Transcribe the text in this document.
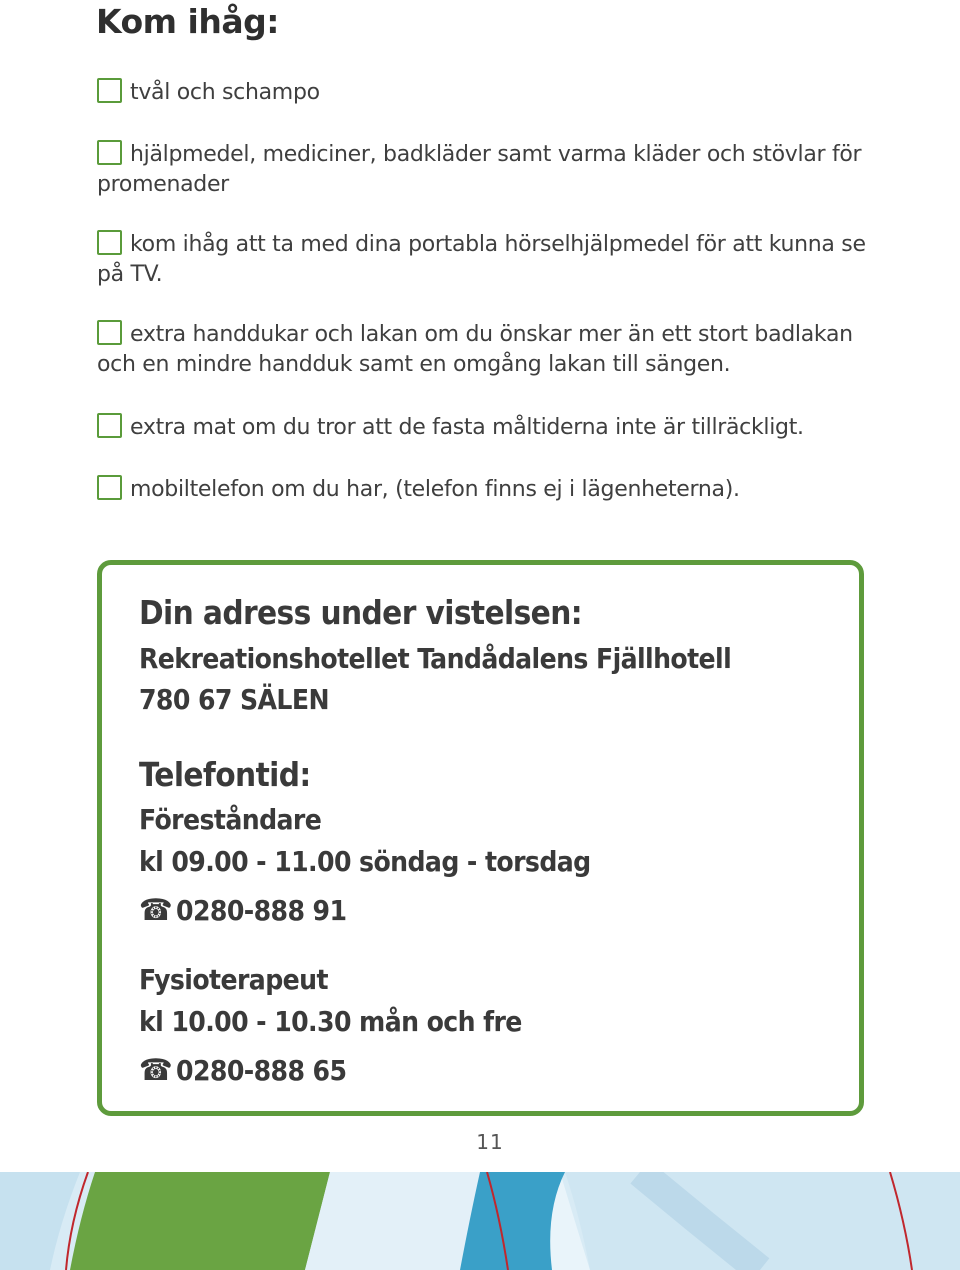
Kom ihåg:
tvål och schampo
hjälpmedel, mediciner, badkläder samt varma kläder och stövlar för promenader
kom ihåg att ta med dina portabla hörselhjälpmedel för att kunna se på TV.
extra handdukar och lakan om du önskar mer än ett stort badlakan och en mindre handduk samt en omgång lakan till sängen.
extra mat om du tror att de fasta måltiderna inte är tillräckligt.
mobiltelefon om du har, (telefon finns ej i lägenheterna).
Din adress under vistelsen:
Rekreationshotellet Tandådalens Fjällhotell
780 67 SÄLEN
Telefontid:
Föreståndare
kl 09.00 - 11.00 söndag - torsdag
☎ 0280-888 91
Fysioterapeut
kl 10.00 - 10.30 mån och fre
☎ 0280-888 65
11
